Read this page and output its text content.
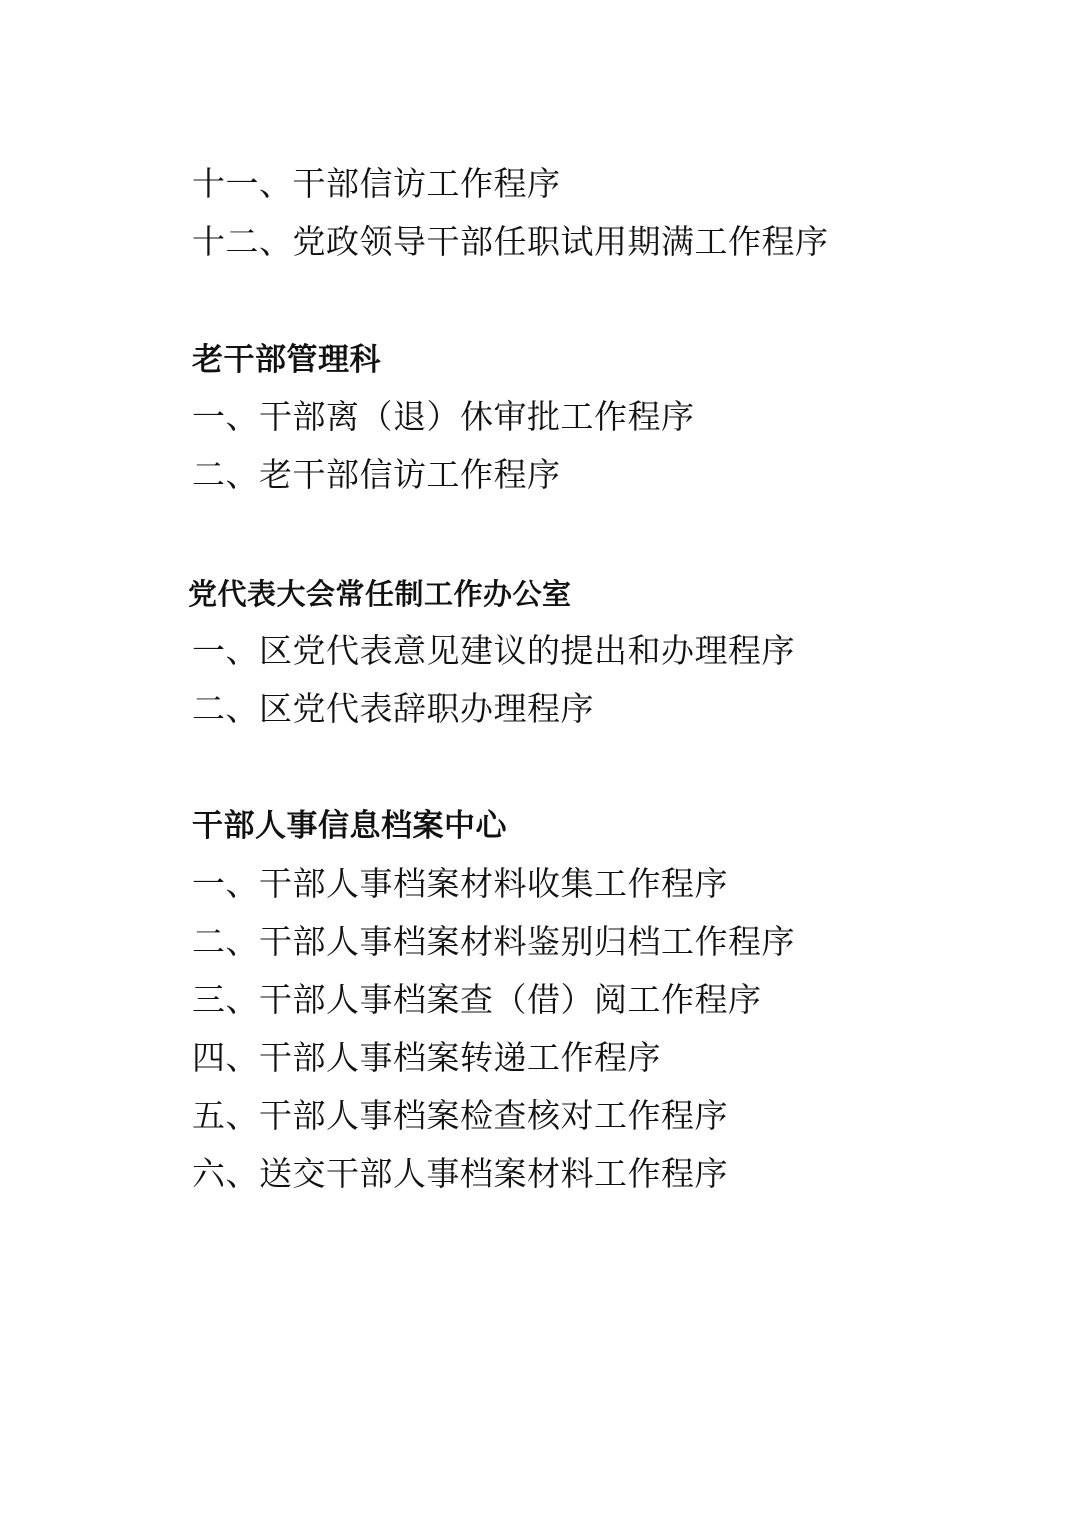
十一、干部信访工作程序
十二、党政领导干部任职试用期满工作程序
老干部管理科
一、干部离（退）休审批工作程序
二、老干部信访工作程序
党代表大会常任制工作办公室
一、区党代表意见建议的提出和办理程序
二、区党代表辞职办理程序
干部人事信息档案中心
一、干部人事档案材料收集工作程序
二、干部人事档案材料鉴别归档工作程序
三、干部人事档案查（借）阅工作程序
四、干部人事档案转递工作程序
五、干部人事档案检查核对工作程序
六、送交干部人事档案材料工作程序
